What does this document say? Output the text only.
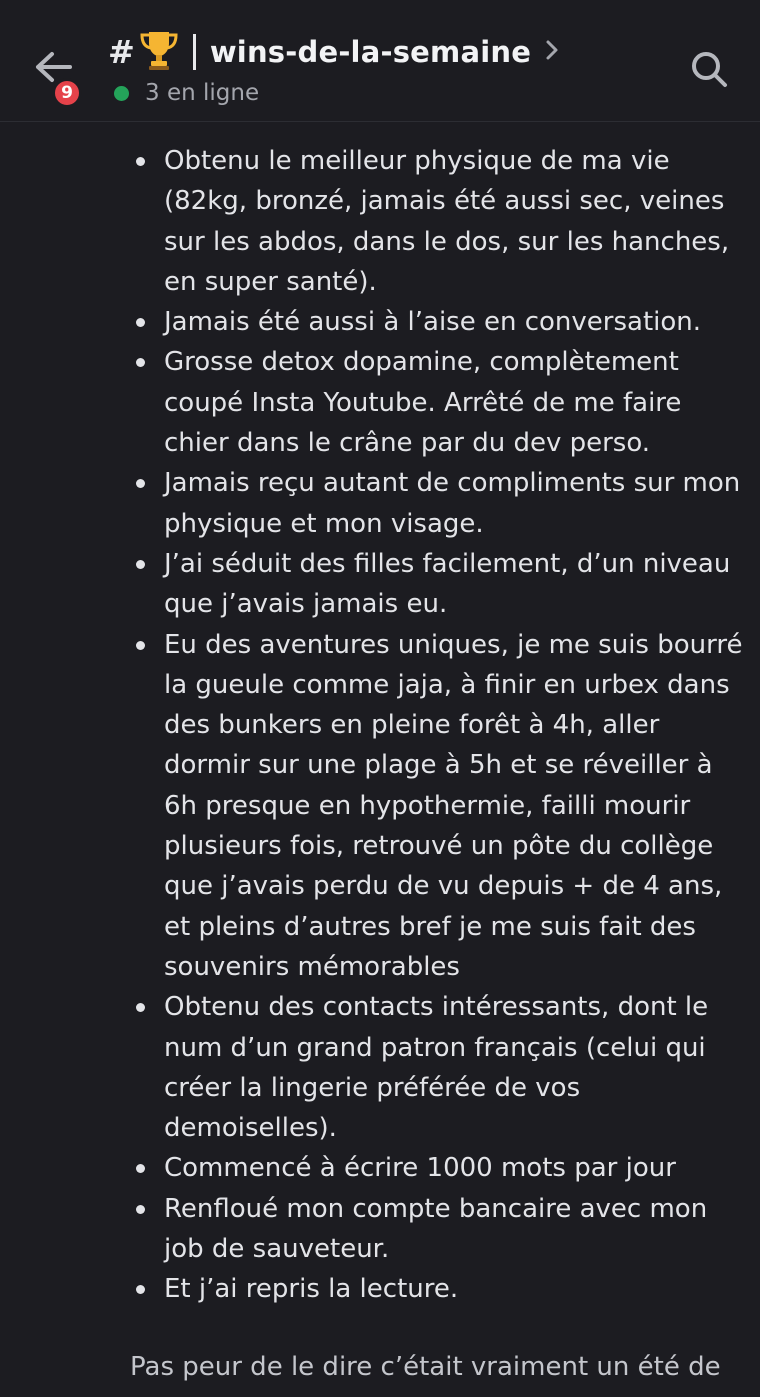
9
#	wins-de-la-semaine
3 en ligne
Obtenu le meilleur physique de ma vie (82kg, bronzé, jamais été aussi sec, veines sur les abdos, dans le dos, sur les hanches, en super santé).
Jamais été aussi à l’aise en conversation.
Grosse detox dopamine, complètement coupé Insta Youtube. Arrêté de me faire chier dans le crâne par du dev perso.
Jamais reçu autant de compliments sur mon physique et mon visage.
J’ai séduit des filles facilement, d’un niveau que j’avais jamais eu.
Eu des aventures uniques, je me suis bourré la gueule comme jaja, à finir en urbex dans des bunkers en pleine forêt à 4h, aller dormir sur une plage à 5h et se réveiller à 6h presque en hypothermie, failli mourir plusieurs fois, retrouvé un pôte du collège que j’avais perdu de vu depuis + de 4 ans, et pleins d’autres bref je me suis fait des souvenirs mémorables
Obtenu des contacts intéressants, dont le num d’un grand patron français (celui qui créer la lingerie préférée de vos demoiselles).
Commencé à écrire 1000 mots par jour
Renfloué mon compte bancaire avec mon job de sauveteur.
Et j’ai repris la lecture.
Pas peur de le dire c’était vraiment un été de
